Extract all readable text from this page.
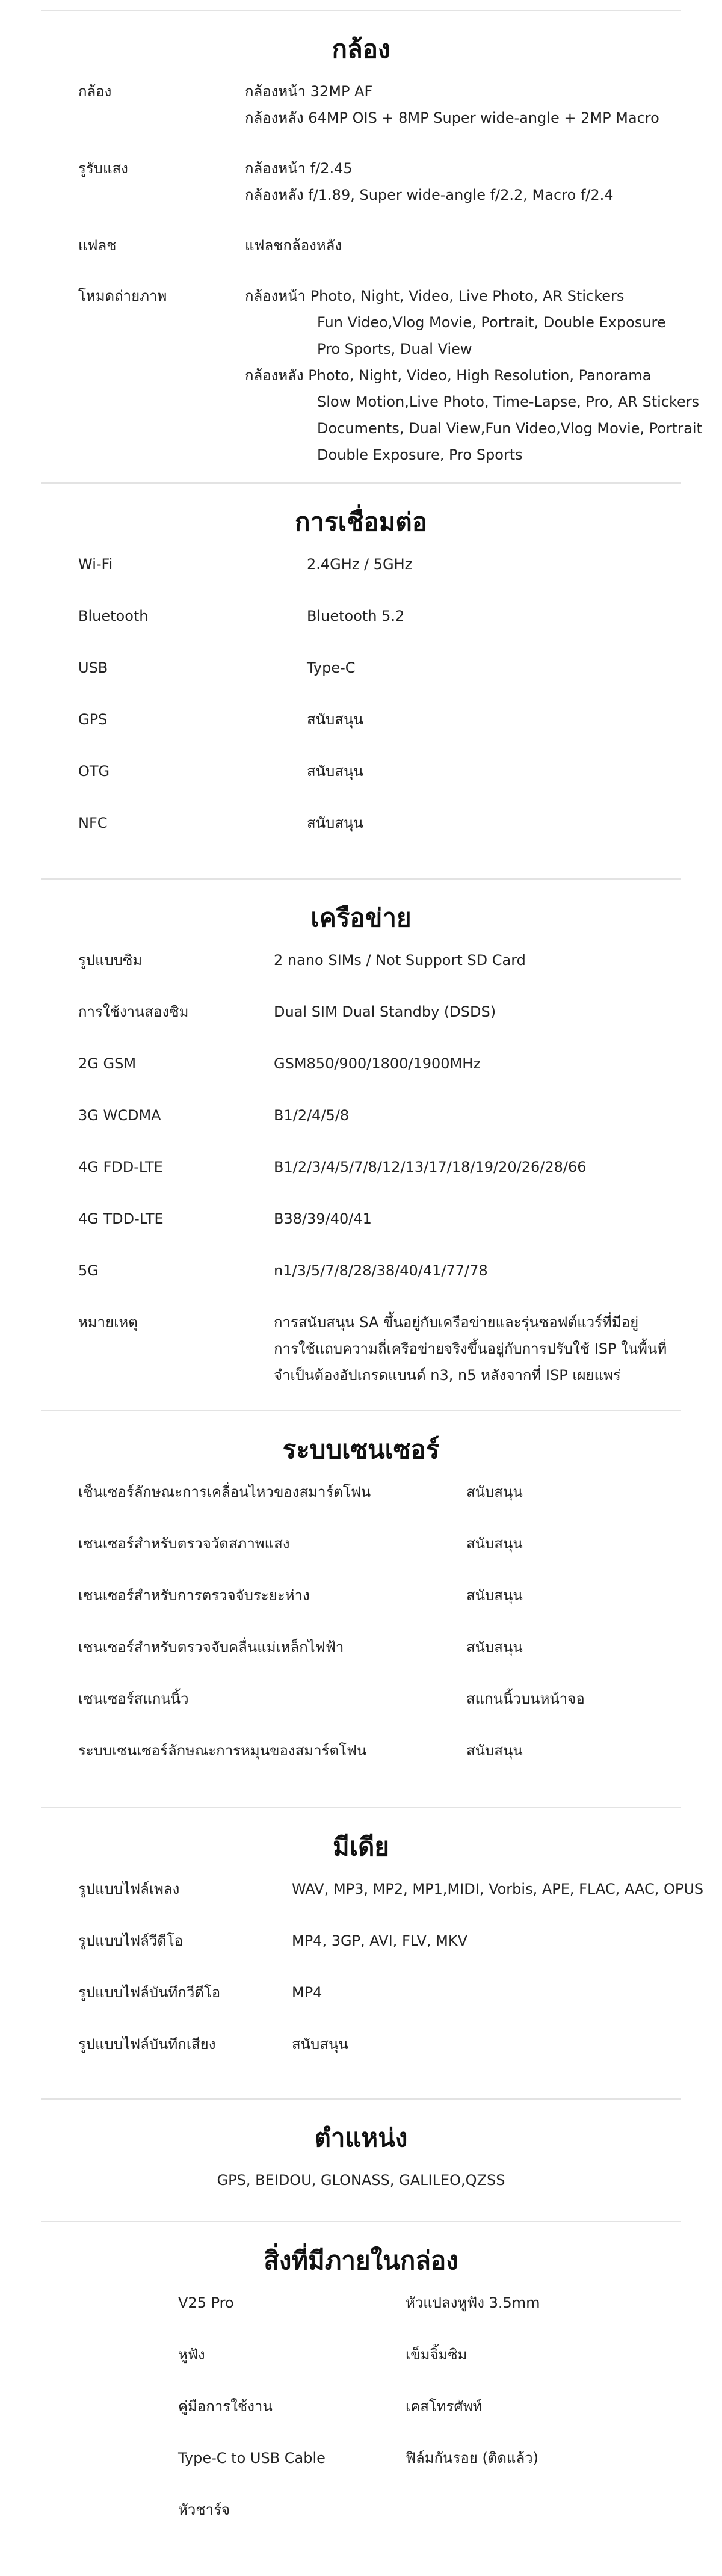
กล้อง
กล้อง	กล้องหน้า 32MP AF
กล้องหลัง 64MP OIS + 8MP Super wide-angle + 2MP Macro
รูรับแสง	กล้องหน้า f/2.45
กล้องหลัง f/1.89, Super wide-angle f/2.2, Macro f/2.4
แฟลช	แฟลชกล้องหลัง
โหมดถ่ายภาพ	กล้องหน้า Photo, Night, Video, Live Photo, AR Stickers
Fun Video,Vlog Movie, Portrait, Double Exposure
Pro Sports, Dual View
กล้องหลัง Photo, Night, Video, High Resolution, Panorama
Slow Motion,Live Photo, Time-Lapse, Pro, AR Stickers
Documents, Dual View,Fun Video,Vlog Movie, Portrait
Double Exposure, Pro Sports
การเชื่อมต่อ
Wi-Fi	2.4GHz / 5GHz
Bluetooth	Bluetooth 5.2
USB	Type-C
GPS	สนับสนุน
OTG	สนับสนุน
NFC	สนับสนุน
เครือข่าย
รูปแบบซิม	2 nano SIMs / Not Support SD Card
การใช้งานสองซิม	Dual SIM Dual Standby (DSDS)
2G GSM	GSM850/900/1800/1900MHz
3G WCDMA	B1/2/4/5/8
4G FDD-LTE	B1/2/3/4/5/7/8/12/13/17/18/19/20/26/28/66
4G TDD-LTE	B38/39/40/41
5G	n1/3/5/7/8/28/38/40/41/77/78
หมายเหตุ	การสนับสนุน SA ขึ้นอยู่กับเครือข่ายและรุ่นซอฟต์แวร์ที่มีอยู่
การใช้แถบความถี่เครือข่ายจริงขึ้นอยู่กับการปรับใช้ ISP ในพื้นที่
จำเป็นต้องอัปเกรดแบนด์ n3, n5 หลังจากที่ ISP เผยแพร่
ระบบเซนเซอร์
เซ็นเซอร์ลักษณะการเคลื่อนไหวของสมาร์ตโฟน	สนับสนุน
เซนเซอร์สำหรับตรวจวัดสภาพแสง	สนับสนุน
เซนเซอร์สำหรับการตรวจจับระยะห่าง	สนับสนุน
เซนเซอร์สำหรับตรวจจับคลื่นแม่เหล็กไฟฟ้า	สนับสนุน
เซนเซอร์สแกนนิ้ว	สแกนนิ้วบนหน้าจอ
ระบบเซนเซอร์ลักษณะการหมุนของสมาร์ตโฟน	สนับสนุน
มีเดีย
รูปแบบไฟล์เพลง	WAV, MP3, MP2, MP1,MIDI, Vorbis, APE, FLAC, AAC, OPUS
รูปแบบไฟล์วีดีโอ	MP4, 3GP, AVI, FLV, MKV
รูปแบบไฟล์บันทึกวีดีโอ	MP4
รูปแบบไฟล์บันทึกเสียง	สนับสนุน
ตำแหน่ง
GPS, BEIDOU, GLONASS, GALILEO,QZSS
สิ่งที่มีภายในกล่อง
V25 Pro	หัวแปลงหูฟัง 3.5mm
หูฟัง	เข็มจิ้มซิม
คู่มือการใช้งาน	เคสโทรศัพท์
Type-C to USB Cable	ฟิล์มกันรอย (ติดแล้ว)
หัวชาร์จ
